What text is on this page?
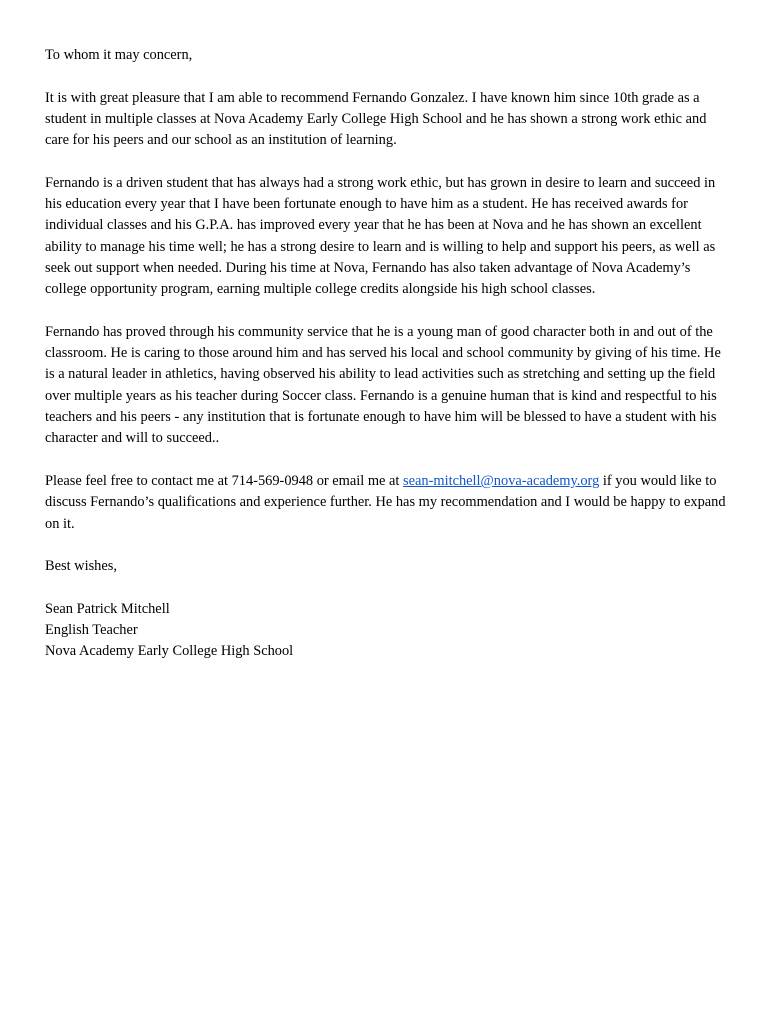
To whom it may concern,

It is with great pleasure that I am able to recommend Fernando Gonzalez. I have known him since 10th grade as a student in multiple classes at Nova Academy Early College High School and he has shown a strong work ethic and care for his peers and our school as an institution of learning.

Fernando is a driven student that has always had a strong work ethic, but has grown in desire to learn and succeed in his education every year that I have been fortunate enough to have him as a student. He has received awards for individual classes and his G.P.A. has improved every year that he has been at Nova and he has shown an excellent ability to manage his time well; he has a strong desire to learn and is willing to help and support his peers, as well as seek out support when needed. During his time at Nova, Fernando has also taken advantage of Nova Academy’s college opportunity program, earning multiple college credits alongside his high school classes.

Fernando has proved through his community service that he is a young man of good character both in and out of the classroom. He is caring to those around him and has served his local and school community by giving of his time. He is a natural leader in athletics, having observed his ability to lead activities such as stretching and setting up the field over multiple years as his teacher during Soccer class. Fernando is a genuine human that is kind and respectful to his teachers and his peers - any institution that is fortunate enough to have him will be blessed to have a student with his character and will to succeed..

Please feel free to contact me at 714-569-0948 or email me at sean-mitchell@nova-academy.org if you would like to discuss Fernando’s qualifications and experience further. He has my recommendation and I would be happy to expand on it.

Best wishes,

Sean Patrick Mitchell
English Teacher
Nova Academy Early College High School
